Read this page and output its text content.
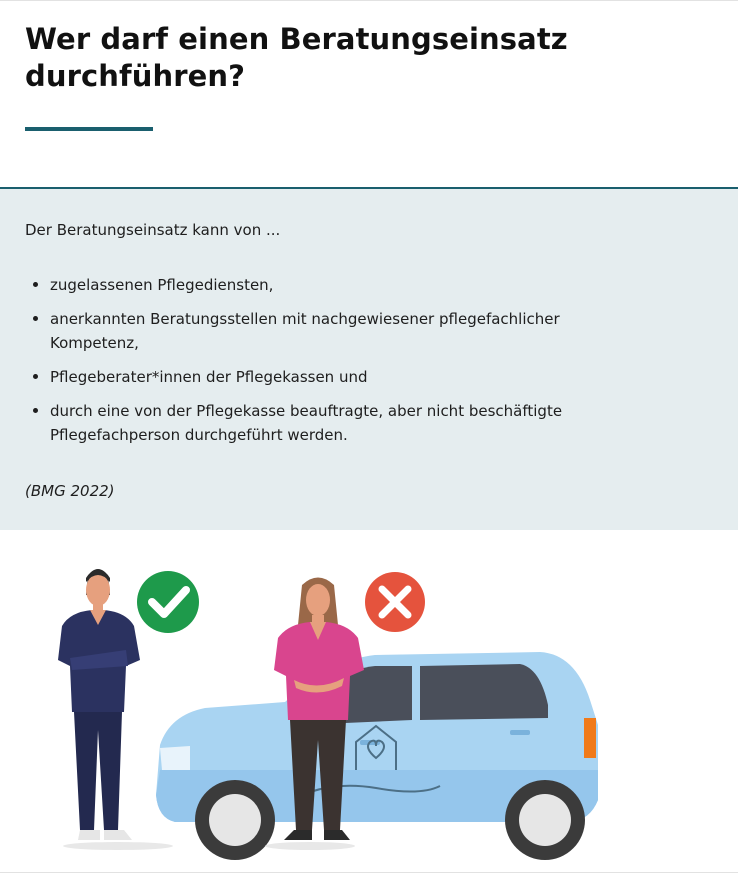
Wer darf einen Beratungseinsatz
durchführen?

Der Beratungseinsatz kann von ...

zugelassenen Pflegediensten,
anerkannten Beratungsstellen mit nachgewiesener pflegefachlicher
Kompetenz,
Pflegeberater*innen der Pflegekassen und
durch eine von der Pflegekasse beauftragte, aber nicht beschäftigte
Pflegefachperson durchgeführt werden.

(BMG 2022)
